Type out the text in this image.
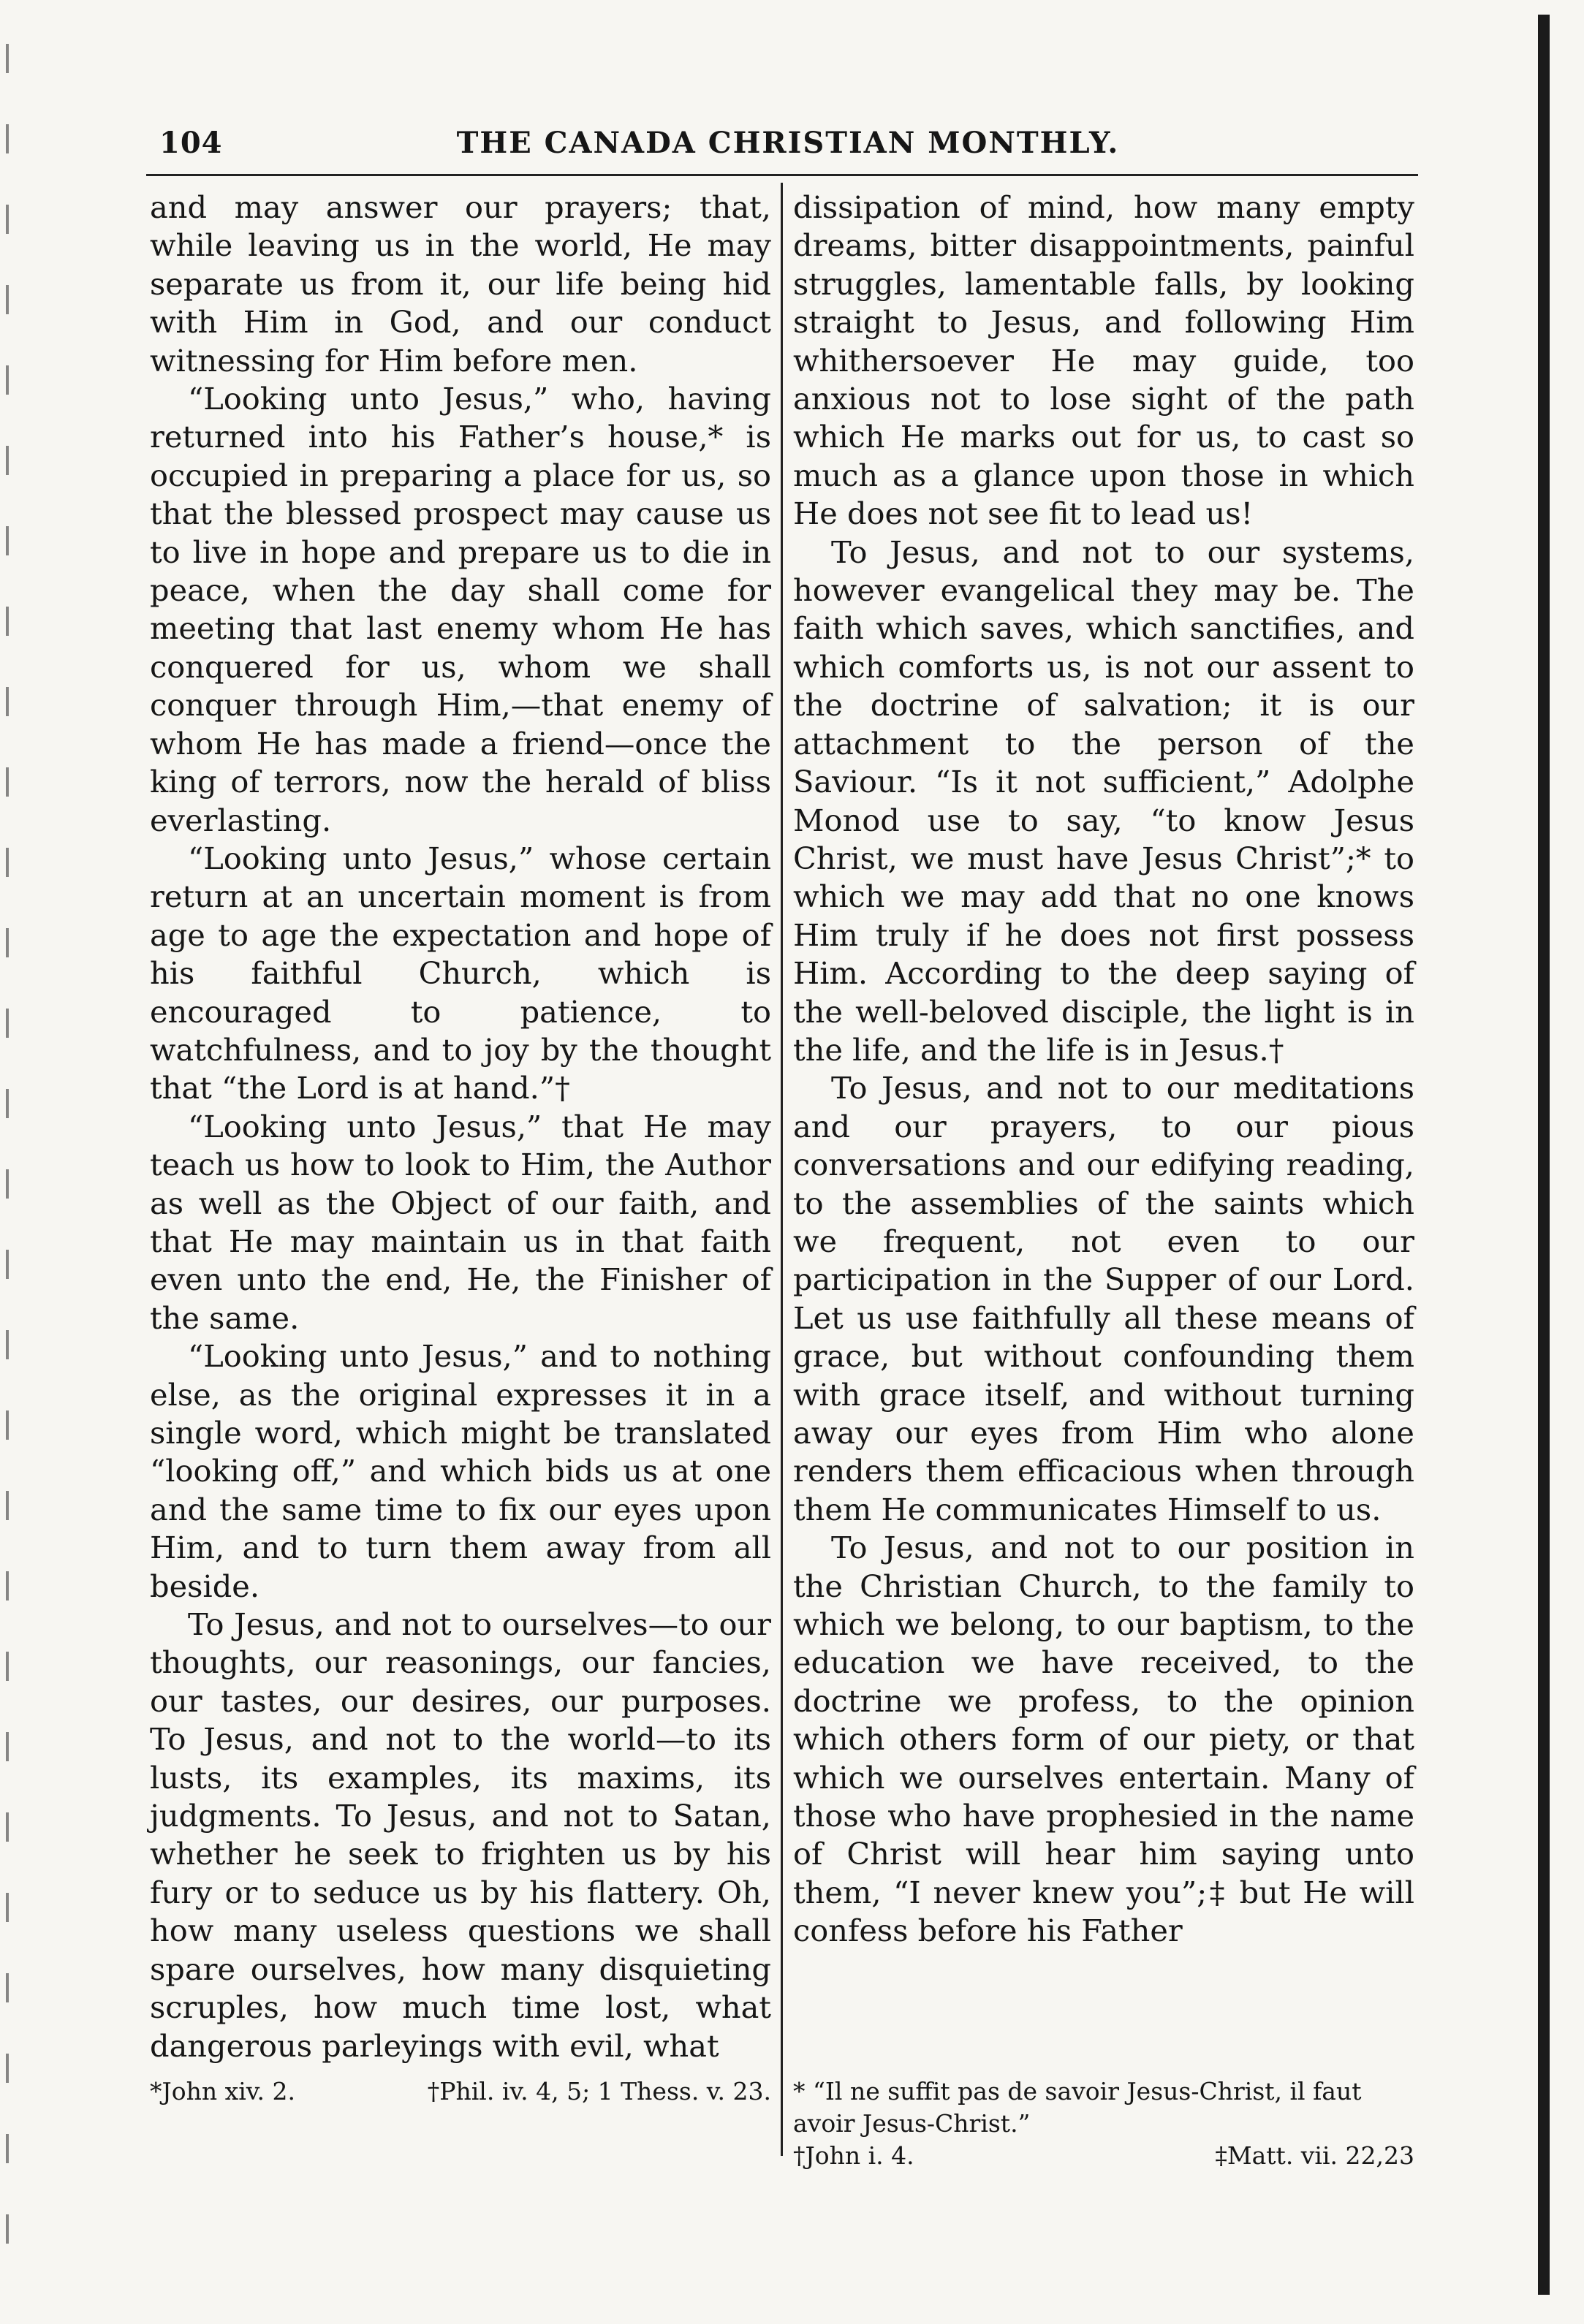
104	THE CANADA CHRISTIAN MONTHLY.

and may answer our prayers; that, while leaving us in the world, He may separate us from it, our life being hid with Him in God, and our conduct witnessing for Him before men.

“Looking unto Jesus,” who, having returned into his Father’s house,* is occupied in preparing a place for us, so that the blessed prospect may cause us to live in hope and prepare us to die in peace, when the day shall come for meeting that last enemy whom He has conquered for us, whom we shall conquer through Him,—that enemy of whom He has made a friend—once the king of terrors, now the herald of bliss everlasting.

“Looking unto Jesus,” whose certain return at an uncertain moment is from age to age the expectation and hope of his faithful Church, which is encouraged to patience, to watchfulness, and to joy by the thought that “the Lord is at hand.”†

“Looking unto Jesus,” that He may teach us how to look to Him, the Author as well as the Object of our faith, and that He may maintain us in that faith even unto the end, He, the Finisher of the same.

“Looking unto Jesus,” and to nothing else, as the original expresses it in a single word, which might be translated “looking off,” and which bids us at one and the same time to fix our eyes upon Him, and to turn them away from all beside.

To Jesus, and not to ourselves—to our thoughts, our reasonings, our fancies, our tastes, our desires, our purposes. To Jesus, and not to the world—to its lusts, its examples, its maxims, its judgments. To Jesus, and not to Satan, whether he seek to frighten us by his fury or to seduce us by his flattery. Oh, how many useless questions we shall spare ourselves, how many disquieting scruples, how much time lost, what dangerous parleyings with evil, what

dissipation of mind, how many empty dreams, bitter disappointments, painful struggles, lamentable falls, by looking straight to Jesus, and following Him whithersoever He may guide, too anxious not to lose sight of the path which He marks out for us, to cast so much as a glance upon those in which He does not see fit to lead us!

To Jesus, and not to our systems, however evangelical they may be. The faith which saves, which sanctifies, and which comforts us, is not our assent to the doctrine of salvation; it is our attachment to the person of the Saviour. “Is it not sufficient,” Adolphe Monod use to say, “to know Jesus Christ, we must have Jesus Christ”;* to which we may add that no one knows Him truly if he does not first possess Him. According to the deep saying of the well-beloved disciple, the light is in the life, and the life is in Jesus.†

To Jesus, and not to our meditations and our prayers, to our pious conversations and our edifying reading, to the assemblies of the saints which we frequent, not even to our participation in the Supper of our Lord. Let us use faithfully all these means of grace, but without confounding them with grace itself, and without turning away our eyes from Him who alone renders them efficacious when through them He communicates Himself to us.

To Jesus, and not to our position in the Christian Church, to the family to which we belong, to our baptism, to the education we have received, to the doctrine we profess, to the opinion which others form of our piety, or that which we ourselves entertain. Many of those who have prophesied in the name of Christ will hear him saying unto them, “I never knew you”;‡ but He will confess before his Father

*John xiv. 2.	†Phil. iv. 4, 5; 1 Thess. v. 23. * “Il ne suffit pas de savoir Jesus-Christ, il faut avoir Jesus-Christ.”

†John i. 4.	‡Matt. vii. 22,23
